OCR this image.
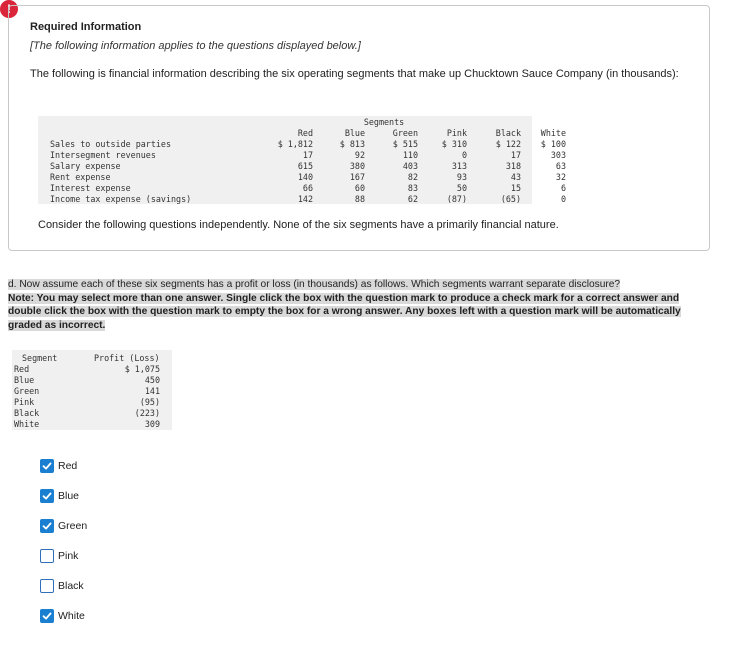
!
Required Information
[The following information applies to the questions displayed below.]
The following is financial information describing the six operating segments that make up Chucktown Sauce Company (in thousands):
Segments
Red	Blue	Green	Pink	Black	White
Sales to outside parties	$ 1,812	$ 813	$ 515	$ 310	$ 122	$ 100
Intersegment revenues	17	92	110	0	17	303
Salary expense	615	380	403	313	318	63
Rent expense	140	167	82	93	43	32
Interest expense	66	60	83	50	15	6
Income tax expense (savings)	142	88	62	(87)	(65)	0
Consider the following questions independently. None of the six segments have a primarily financial nature.
d. Now assume each of these six segments has a profit or loss (in thousands) as follows. Which segments warrant separate disclosure?
Note: You may select more than one answer. Single click the box with the question mark to produce a check mark for a correct answer and double click the box with the question mark to empty the box for a wrong answer. Any boxes left with a question mark will be automatically graded as incorrect.
Segment	Profit (Loss)
Red	$ 1,075
Blue	450
Green	141
Pink	(95)
Black	(223)
White	309
Red
Blue
Green
Pink
Black
White
